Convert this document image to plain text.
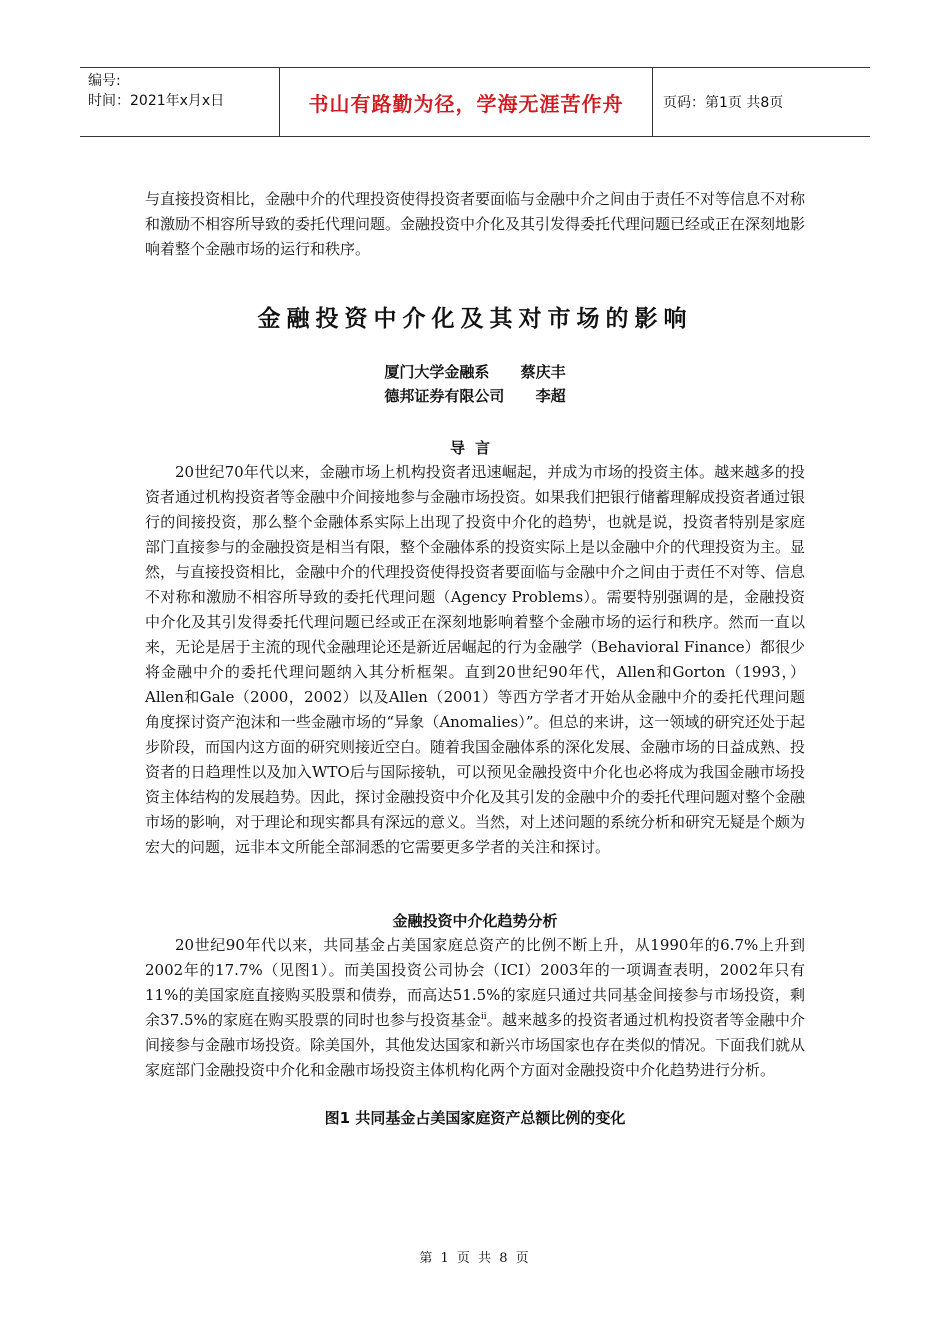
编号:
时间：2021年x月x日	书山有路勤为径，学海无涯苦作舟	页码：第1页 共8页

与直接投资相比，金融中介的代理投资使得投资者要面临与金融中介之间由于责任不对等信息不对称和激励不相容所导致的委托代理问题。金融投资中介化及其引发得委托代理问题已经或正在深刻地影响着整个金融市场的运行和秩序。

金融投资中介化及其对市场的影响
厦门大学金融系      蔡庆丰
德邦证券有限公司      李超
导言

20世纪70年代以来，金融市场上机构投资者迅速崛起，并成为市场的投资主体。越来越多的投资者通过机构投资者等金融中介间接地参与金融市场投资。如果我们把银行储蓄理解成投资者通过银行的间接投资，那么整个金融体系实际上出现了投资中介化的趋势$^i$，也就是说，投资者特别是家庭部门直接参与的金融投资是相当有限，整个金融体系的投资实际上是以金融中介的代理投资为主。显然，与直接投资相比，金融中介的代理投资使得投资者要面临与金融中介之间由于责任不对等、信息不对称和激励不相容所导致的委托代理问题（Agency Problems）。需要特别强调的是，金融投资中介化及其引发得委托代理问题已经或正在深刻地影响着整个金融市场的运行和秩序。然而一直以来，无论是居于主流的现代金融理论还是新近居崛起的行为金融学（Behavioral Finance）都很少将金融中介的委托代理问题纳入其分析框架。直到20世纪90年代，Allen和Gorton（1993，）Allen和Gale（2000，2002）以及Allen（2001）等西方学者才开始从金融中介的委托代理问题角度探讨资产泡沫和一些金融市场的“异象（Anomalies）”。但总的来讲，这一领域的研究还处于起步阶段，而国内这方面的研究则接近空白。随着我国金融体系的深化发展、金融市场的日益成熟、投资者的日趋理性以及加入WTO后与国际接轨，可以预见金融投资中介化也必将成为我国金融市场投资主体结构的发展趋势。因此，探讨金融投资中介化及其引发的金融中介的委托代理问题对整个金融市场的影响，对于理论和现实都具有深远的意义。当然，对上述问题的系统分析和研究无疑是个颇为宏大的问题，远非本文所能全部洞悉的它需要更多学者的关注和探讨。

金融投资中介化趋势分析

20世纪90年代以来，共同基金占美国家庭总资产的比例不断上升，从1990年的6.7%上升到2002年的17.7%（见图1）。而美国投资公司协会（ICI）2003年的一项调查表明，2002年只有11%的美国家庭直接购买股票和债券，而高达51.5%的家庭只通过共同基金间接参与市场投资，剩余37.5%的家庭在购买股票的同时也参与投资基金$^{ii}$。越来越多的投资者通过机构投资者等金融中介间接参与金融市场投资。除美国外，其他发达国家和新兴市场国家也存在类似的情况。下面我们就从家庭部门金融投资中介化和金融市场投资主体机构化两个方面对金融投资中介化趋势进行分析。

图1 共同基金占美国家庭资产总额比例的变化
第 1 页 共 8 页
